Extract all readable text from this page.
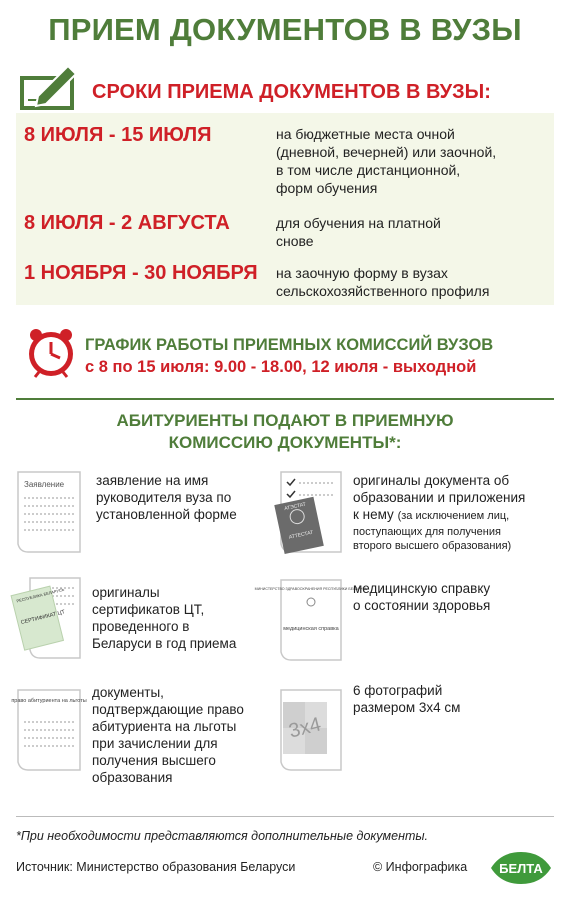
ПРИЕМ ДОКУМЕНТОВ В ВУЗЫ
СРОКИ ПРИЕМА ДОКУМЕНТОВ В ВУЗЫ:
8 ИЮЛЯ - 15 ИЮЛЯ	на бюджетные места очной
(дневной, вечерней) или заочной,
в том числе дистанционной,
форм обучения
8 ИЮЛЯ - 2 АВГУСТА	для обучения на платной
снове
1 НОЯБРЯ - 30 НОЯБРЯ на заочную форму в вузах
сельскохозяйственного профиля
ГРАФИК РАБОТЫ ПРИЕМНЫХ КОМИССИЙ ВУЗОВ
с 8 по 15 июля: 9.00 - 18.00, 12 июля - выходной
АБИТУРИЕНТЫ ПОДАЮТ В ПРИЕМНУЮ
КОМИССИЮ ДОКУМЕНТЫ*:
Заявление заявление на имя
руководителя вуза по
установленной форме
АТЭСТАТ
АТТЕСТАТ
оригиналы документа об
образовании и приложения
к нему (за исключением лиц,
поступающих для получения
второго высшего образования)
РЕСПУБЛИКА БЕЛАРУСЬ
СЕРТИФИКАТ ЦТ
оригиналы
сертификатов ЦТ,
проведенного в
Беларуси в год приема
МИНИСТЕРСТВО ЗДРАВООХРАНЕНИЯ РЕСПУБЛИКИ БЕЛАРУСЬ
медицинская справка
медицинскую справку
о состоянии здоровья
право абитуриента на льготы
документы,
подтверждающие право
абитуриента на льготы
при зачислении для
получения высшего
образования
3x4
6 фотографий
размером 3х4 см
*При необходимости представляются дополнительные документы.
Источник: Министерство образования Беларуси	© Инфографика БЕЛТА
